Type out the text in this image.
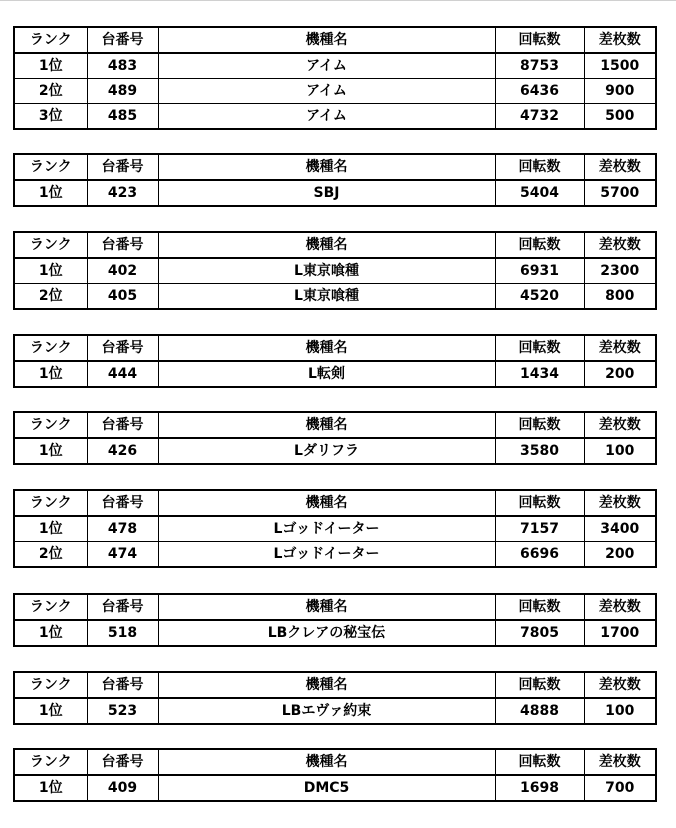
ランク	台番号	機種名	回転数	差枚数
1位	483	アイム	8753	1500
2位	489	アイム	6436	900
3位	485	アイム	4732	500
ランク	台番号	機種名	回転数	差枚数
1位	423	SBJ	5404	5700
ランク	台番号	機種名	回転数	差枚数
1位	402	L東京喰種	6931	2300
2位	405	L東京喰種	4520	800
ランク	台番号	機種名	回転数	差枚数
1位	444	L転剣	1434	200
ランク	台番号	機種名	回転数	差枚数
1位	426	Lダリフラ	3580	100
ランク	台番号	機種名	回転数	差枚数
1位	478	Lゴッドイーター	7157	3400
2位	474	Lゴッドイーター	6696	200
ランク	台番号	機種名	回転数	差枚数
1位	518	LBクレアの秘宝伝	7805	1700
ランク	台番号	機種名	回転数	差枚数
1位	523	LBエヴァ約束	4888	100
ランク	台番号	機種名	回転数	差枚数
1位	409	DMC5	1698	700
